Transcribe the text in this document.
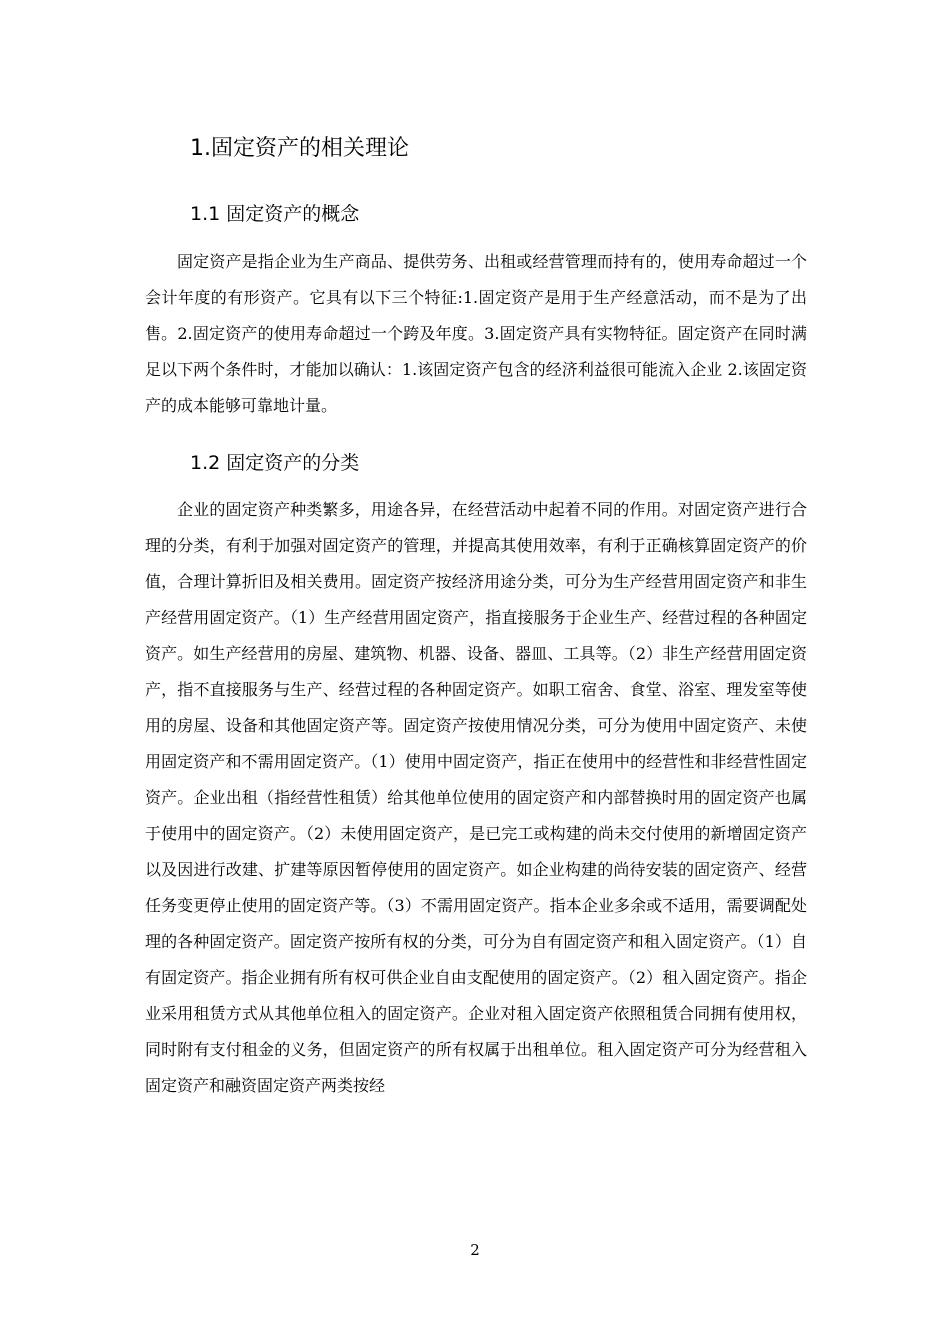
1.固定资产的相关理论
1.1 固定资产的概念

固定资产是指企业为生产商品、提供劳务、出租或经营管理而持有的，使用寿命超过一个会计年度的有形资产。它具有以下三个特征:1.固定资产是用于生产经意活动，而不是为了出售。2.固定资产的使用寿命超过一个跨及年度。3.固定资产具有实物特征。固定资产在同时满足以下两个条件时，才能加以确认：1.该固定资产包含的经济利益很可能流入企业 2.该固定资产的成本能够可靠地计量。

1.2 固定资产的分类

企业的固定资产种类繁多，用途各异，在经营活动中起着不同的作用。对固定资产进行合理的分类，有利于加强对固定资产的管理，并提高其使用效率，有利于正确核算固定资产的价值，合理计算折旧及相关费用。固定资产按经济用途分类，可分为生产经营用固定资产和非生产经营用固定资产。（1）生产经营用固定资产，指直接服务于企业生产、经营过程的各种固定资产。如生产经营用的房屋、建筑物、机器、设备、器皿、工具等。（2）非生产经营用固定资产，指不直接服务与生产、经营过程的各种固定资产。如职工宿舍、食堂、浴室、理发室等使用的房屋、设备和其他固定资产等。固定资产按使用情况分类，可分为使用中固定资产、未使用固定资产和不需用固定资产。（1）使用中固定资产，指正在使用中的经营性和非经营性固定资产。企业出租（指经营性租赁）给其他单位使用的固定资产和内部替换时用的固定资产也属于使用中的固定资产。（2）未使用固定资产，是已完工或构建的尚未交付使用的新增固定资产以及因进行改建、扩建等原因暂停使用的固定资产。如企业构建的尚待安装的固定资产、经营任务变更停止使用的固定资产等。（3）不需用固定资产。指本企业多余或不适用，需要调配处理的各种固定资产。固定资产按所有权的分类，可分为自有固定资产和租入固定资产。（1）自有固定资产。指企业拥有所有权可供企业自由支配使用的固定资产。（2）租入固定资产。指企业采用租赁方式从其他单位租入的固定资产。企业对租入固定资产依照租赁合同拥有使用权，同时附有支付租金的义务，但固定资产的所有权属于出租单位。租入固定资产可分为经营租入固定资产和融资固定资产两类按经

2
